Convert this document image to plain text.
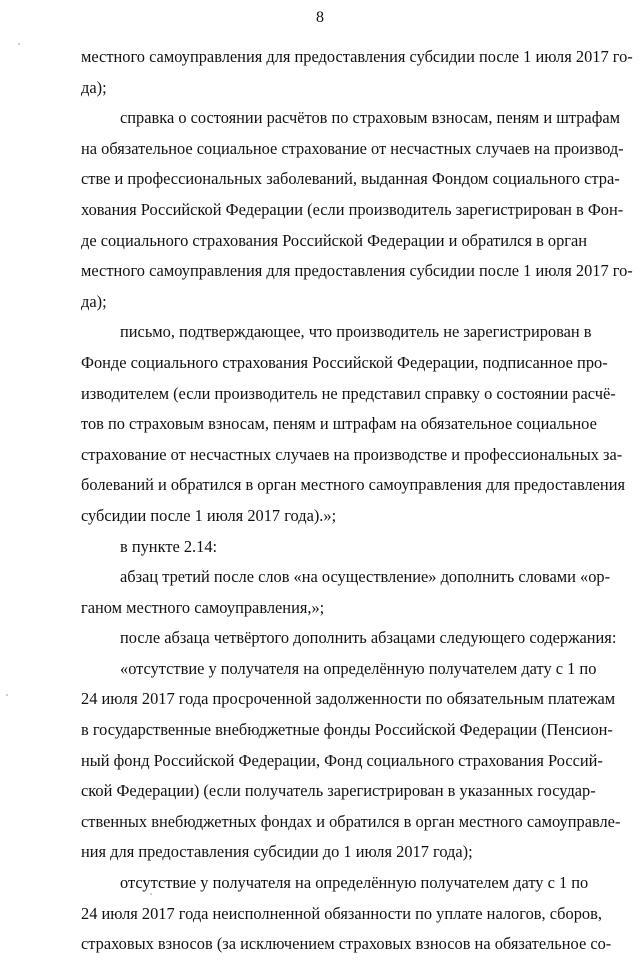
8
местного самоуправления для предоставления субсидии после 1 июля 2017 го-
да);
справка о состоянии расчётов по страховым взносам, пеням и штрафам
на обязательное социальное страхование от несчастных случаев на производ-
стве и профессиональных заболеваний, выданная Фондом социального стра-
хования Российской Федерации (если производитель зарегистрирован в Фон-
де социального страхования Российской Федерации и обратился в орган
местного самоуправления для предоставления субсидии после 1 июля 2017 го-
да);
письмо, подтверждающее, что производитель не зарегистрирован в
Фонде социального страхования Российской Федерации, подписанное про-
изводителем (если производитель не представил справку о состоянии расчё-
тов по страховым взносам, пеням и штрафам на обязательное социальное
страхование от несчастных случаев на производстве и профессиональных за-
болеваний и обратился в орган местного самоуправления для предоставления
субсидии после 1 июля 2017 года).»;
в пункте 2.14:
абзац третий после слов «на осуществление» дополнить словами «ор-
ганом местного самоуправления,»;
после абзаца четвёртого дополнить абзацами следующего содержания:
«отсутствие у получателя на определённую получателем дату с 1 по
24 июля 2017 года просроченной задолженности по обязательным платежам
в государственные внебюджетные фонды Российской Федерации (Пенсион-
ный фонд Российской Федерации, Фонд социального страхования Россий-
ской Федерации) (если получатель зарегистрирован в указанных государ-
ственных внебюджетных фондах и обратился в орган местного самоуправле-
ния для предоставления субсидии до 1 июля 2017 года);
отсутствие у получателя на определённую получателем дату с 1 по
24 июля 2017 года неисполненной обязанности по уплате налогов, сборов,
страховых взносов (за исключением страховых взносов на обязательное со-
